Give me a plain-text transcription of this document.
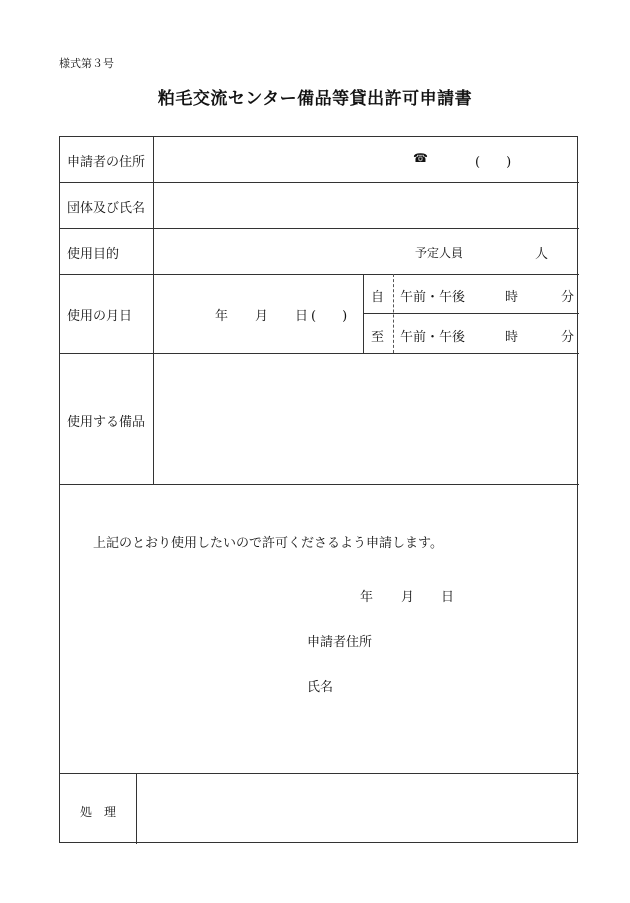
様式第３号
粕毛交流センター備品等貸出許可申請書
申請者の住所	☎	(　　)
団体及び氏名
使用目的	予定人員	人
使用の月日	年 月 日 (　　)
自 午前・午後	時	分
至 午前・午後	時	分
使用する備品
上記のとおり使用したいので許可くださるよう申請します。
年 月 日
申請者住所
氏名
処　理
